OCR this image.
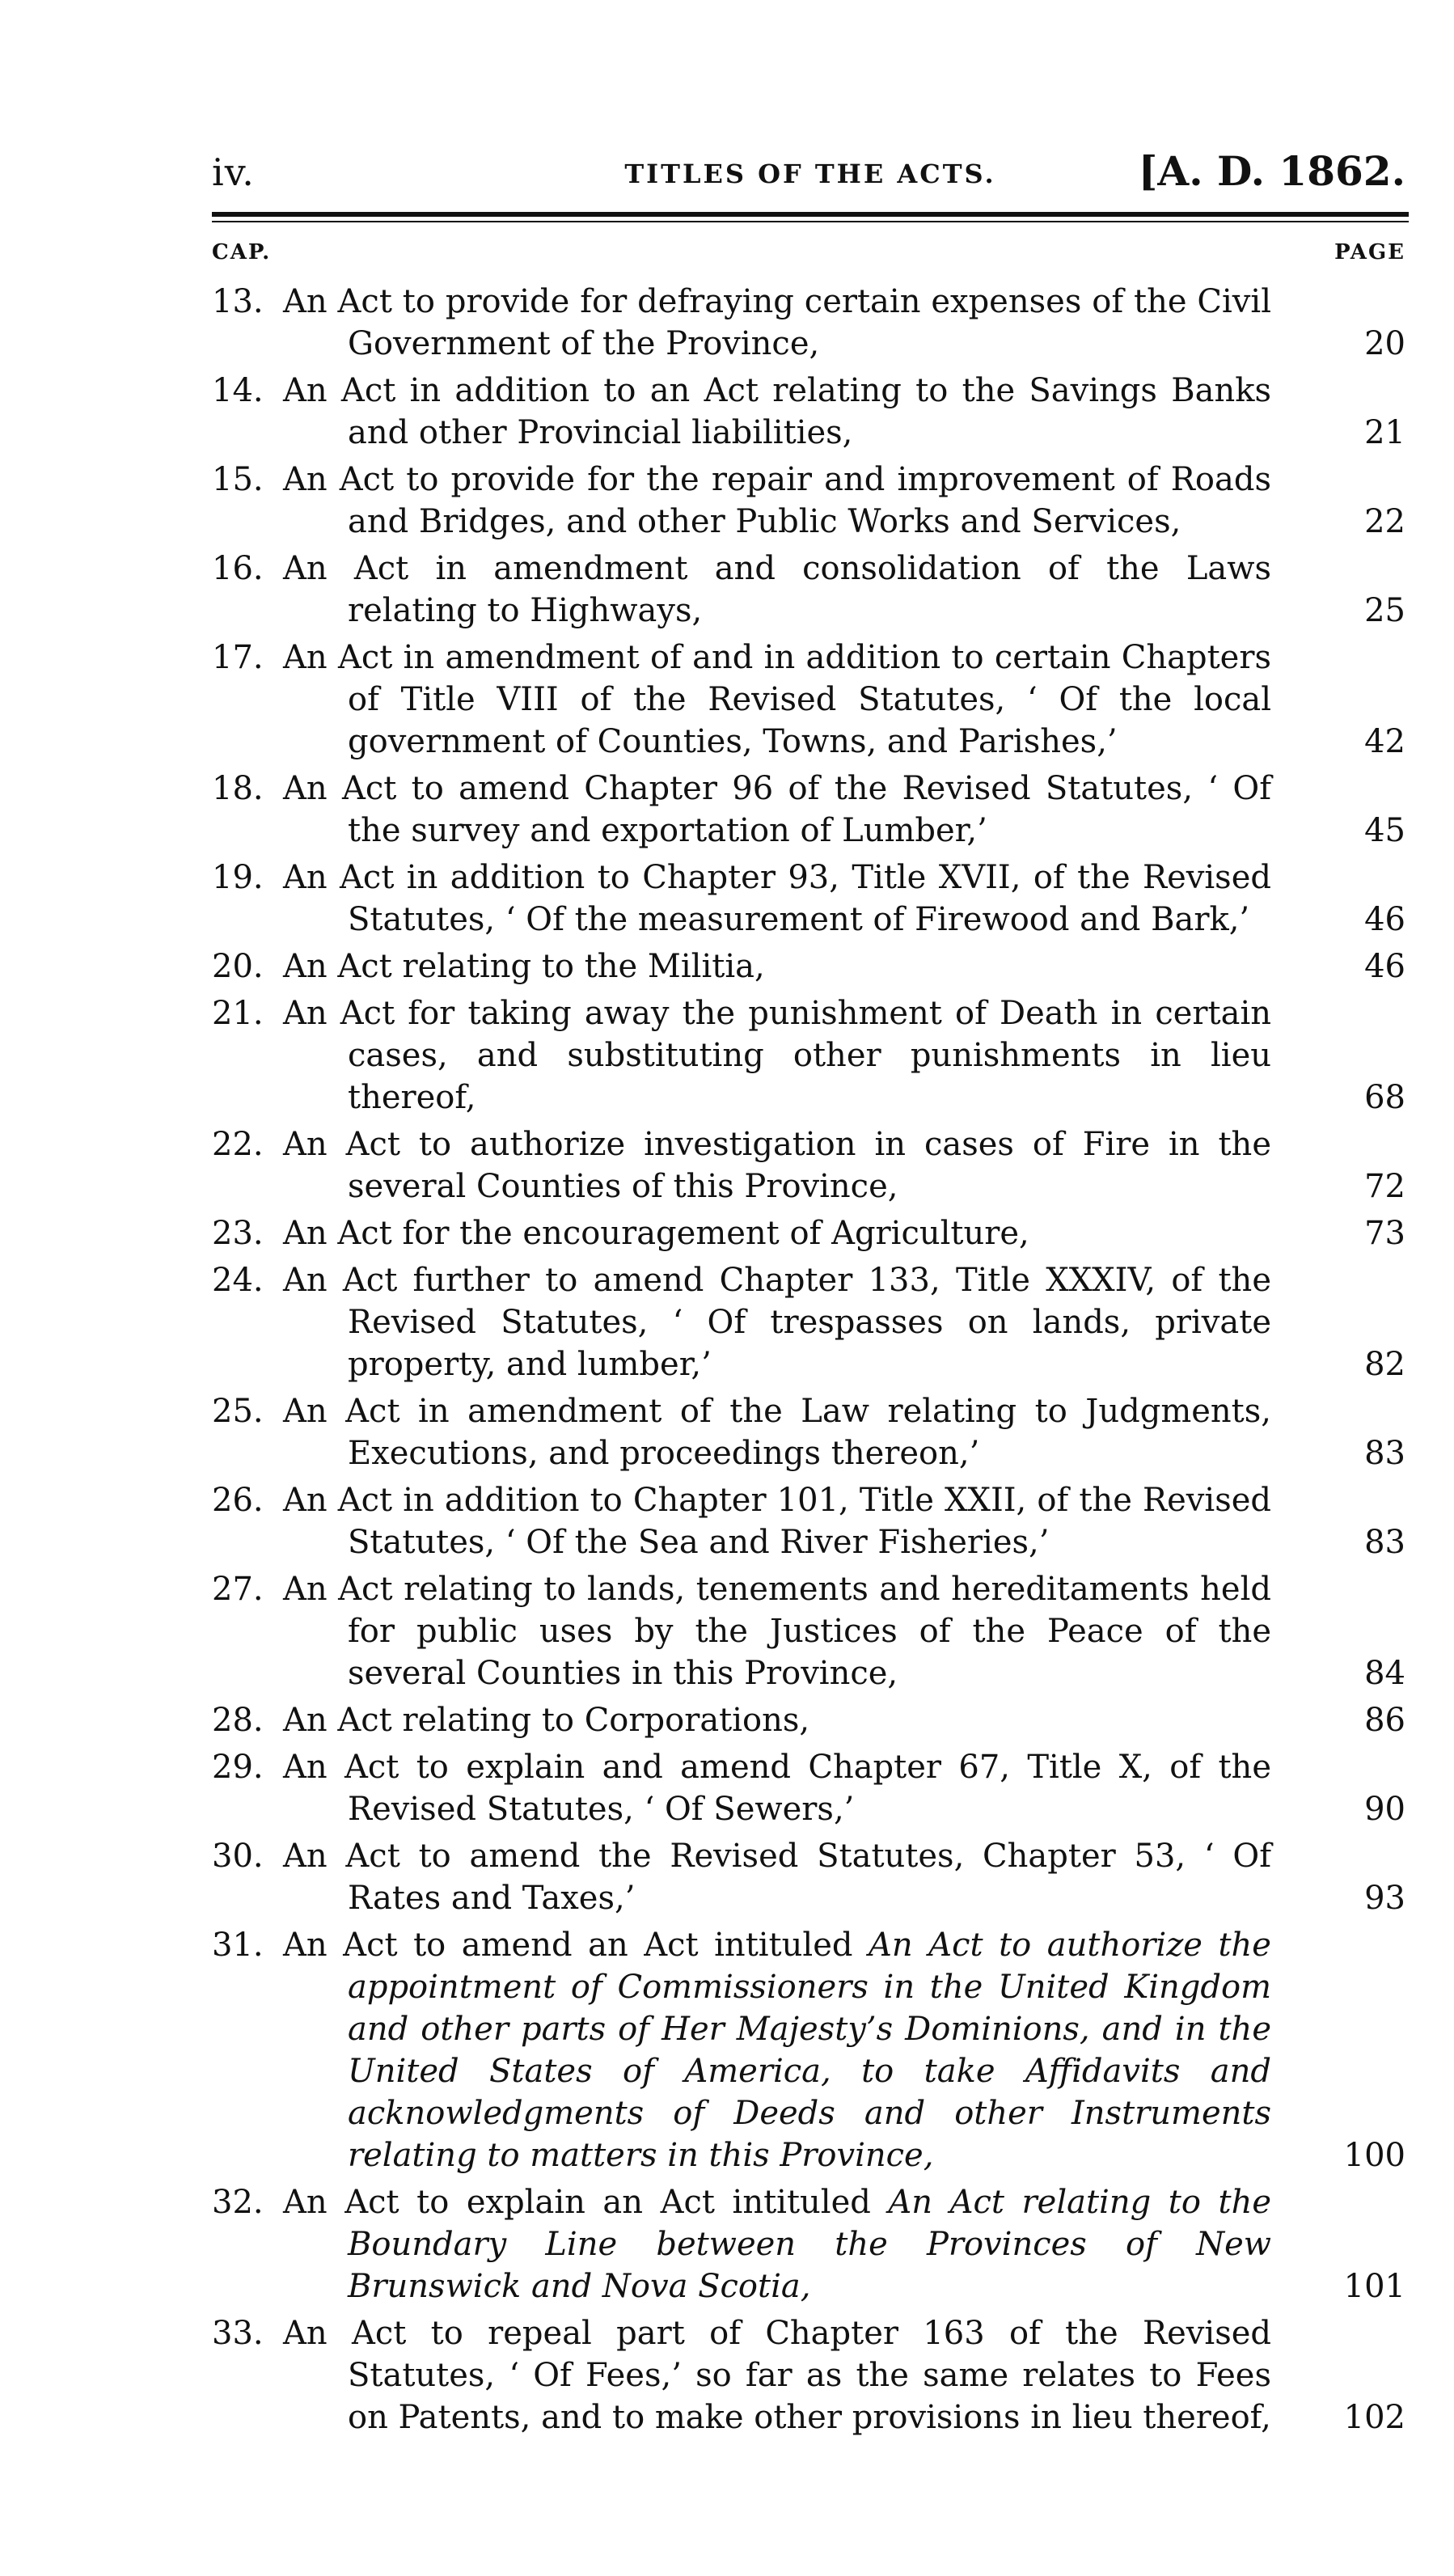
iv.	TITLES OF THE ACTS.	[A. D. 1862.
CAP.	PAGE
13. An Act to provide for defraying certain expenses of the Civil Government of the Province,	20
14. An Act in addition to an Act relating to the Savings Banks and other Provincial liabilities,	21
15. An Act to provide for the repair and improvement of Roads and Bridges, and other Public Works and Services,	22
16. An Act in amendment and consolidation of the Laws relating to Highways,	25
17. An Act in amendment of and in addition to certain Chapters of Title VIII of the Revised Statutes, ‘ Of the local government of Counties, Towns, and Parishes,’	42
18. An Act to amend Chapter 96 of the Revised Statutes, ‘ Of the survey and exportation of Lumber,’	45
19. An Act in addition to Chapter 93, Title XVII, of the Revised Statutes, ‘ Of the measurement of Firewood and Bark,’	46
20. An Act relating to the Militia,	46
21. An Act for taking away the punishment of Death in certain cases, and substituting other punishments in lieu thereof,	68
22. An Act to authorize investigation in cases of Fire in the several Counties of this Province,	72
23. An Act for the encouragement of Agriculture,	73
24. An Act further to amend Chapter 133, Title XXXIV, of the Revised Statutes, ‘ Of trespasses on lands, private property, and lumber,’	82
25. An Act in amendment of the Law relating to Judgments, Executions, and proceedings thereon,’	83
26. An Act in addition to Chapter 101, Title XXII, of the Revised Statutes, ‘ Of the Sea and River Fisheries,’	83
27. An Act relating to lands, tenements and hereditaments held for public uses by the Justices of the Peace of the several Counties in this Province,	84
28. An Act relating to Corporations,	86
29. An Act to explain and amend Chapter 67, Title X, of the Revised Statutes, ‘ Of Sewers,’	90
30. An Act to amend the Revised Statutes, Chapter 53, ‘ Of Rates and Taxes,’	93
31. An Act to amend an Act intituled An Act to authorize the appointment of Commissioners in the United Kingdom and other parts of Her Majesty’s Dominions, and in the United States of America, to take Affidavits and acknowledgments of Deeds and other Instruments relating to matters in this Province,	100
32. An Act to explain an Act intituled An Act relating to the Boundary Line between the Provinces of New Brunswick and Nova Scotia,	101
33. An Act to repeal part of Chapter 163 of the Revised Statutes, ‘ Of Fees,’ so far as the same relates to Fees on Patents, and to make other provisions in lieu thereof, 102
